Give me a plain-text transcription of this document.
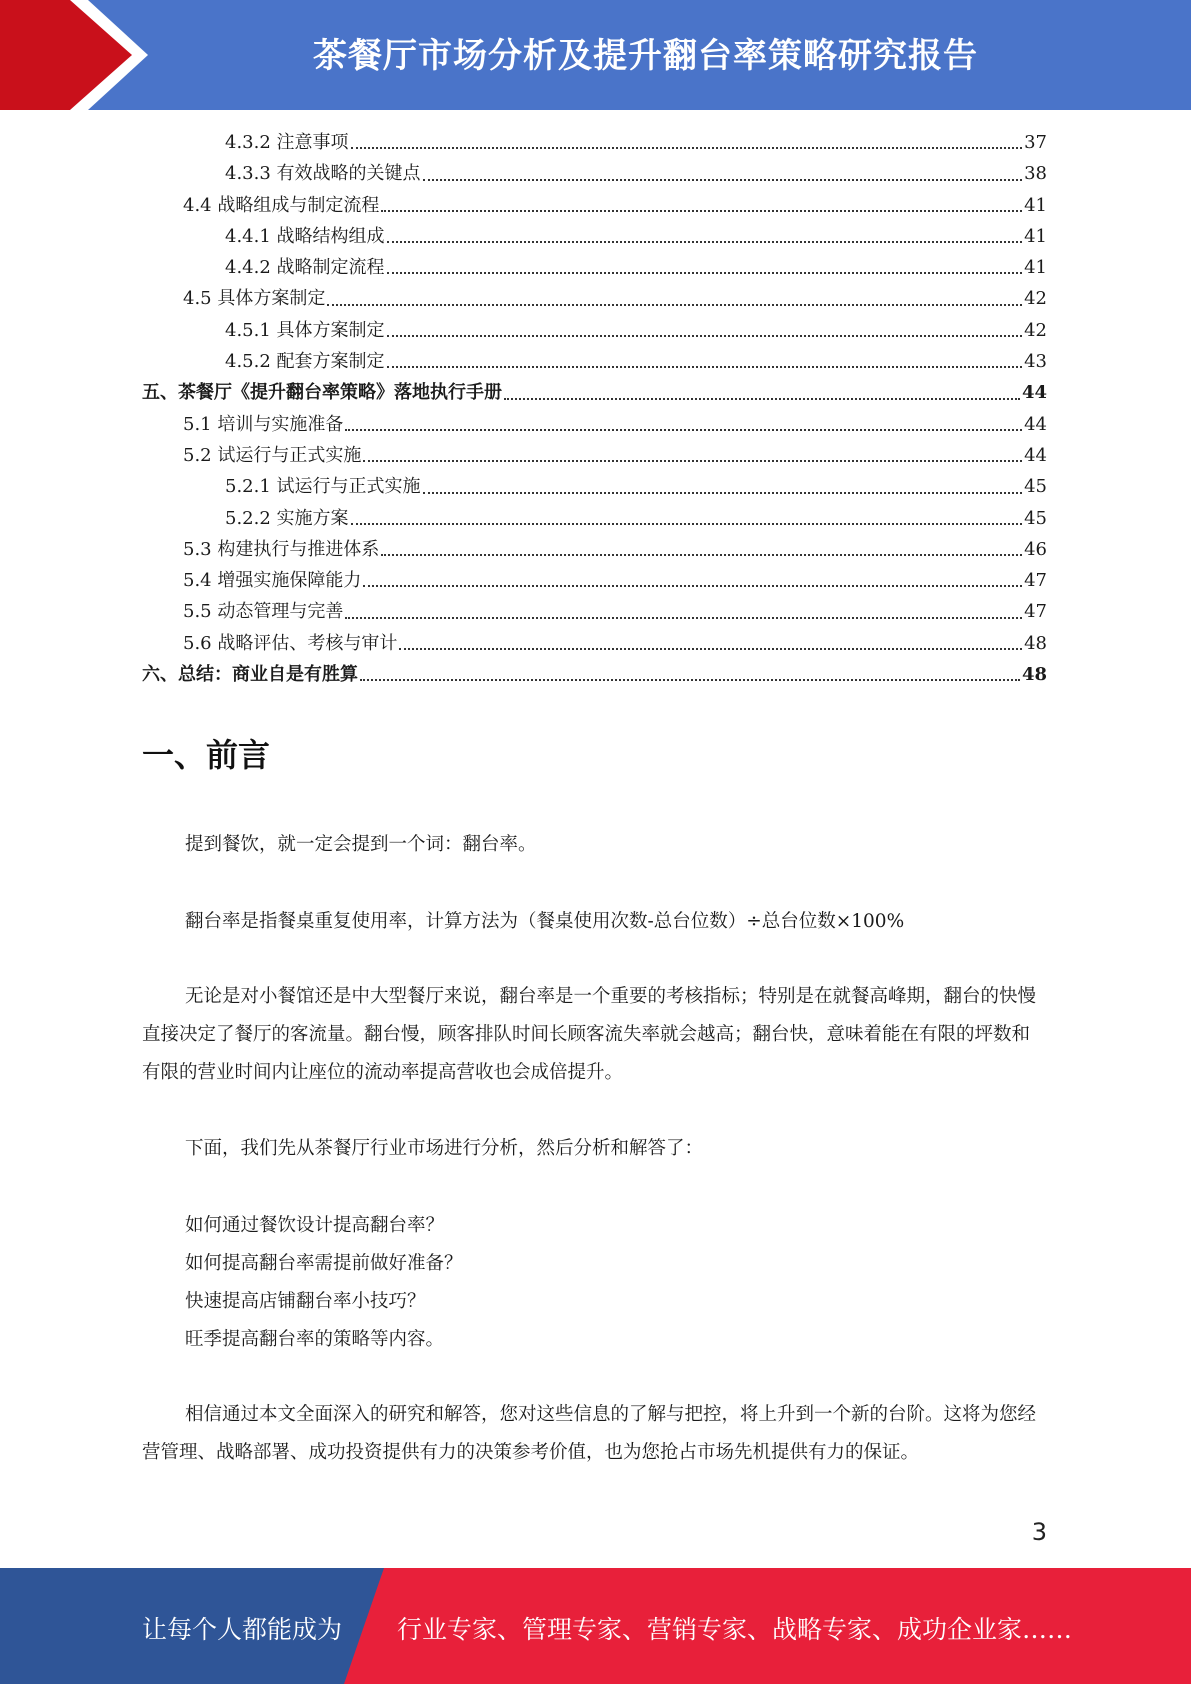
茶餐厅市场分析及提升翻台率策略研究报告
4.3.2 注意事项	37
4.3.3 有效战略的关键点	38
4.4 战略组成与制定流程	41
4.4.1 战略结构组成	41
4.4.2 战略制定流程	41
4.5 具体方案制定	42
4.5.1 具体方案制定	42
4.5.2 配套方案制定	43
五、茶餐厅《提升翻台率策略》落地执行手册	44
5.1 培训与实施准备	44
5.2 试运行与正式实施	44
5.2.1 试运行与正式实施	45
5.2.2 实施方案	45
5.3 构建执行与推进体系	46
5.4 增强实施保障能力	47
5.5 动态管理与完善	47
5.6 战略评估、考核与审计	48
六、总结：商业自是有胜算	48
一、前言

提到餐饮，就一定会提到一个词：翻台率。

翻台率是指餐桌重复使用率，计算方法为（餐桌使用次数-总台位数）÷总台位数×100%

无论是对小餐馆还是中大型餐厅来说，翻台率是一个重要的考核指标；特别是在就餐高峰期，翻台的快慢直接决定了餐厅的客流量。翻台慢，顾客排队时间长顾客流失率就会越高；翻台快，意味着能在有限的坪数和有限的营业时间内让座位的流动率提高营收也会成倍提升。

下面，我们先从茶餐厅行业市场进行分析，然后分析和解答了：

如何通过餐饮设计提高翻台率？
如何提高翻台率需提前做好准备？
快速提高店铺翻台率小技巧？
旺季提高翻台率的策略等内容。

相信通过本文全面深入的研究和解答，您对这些信息的了解与把控，将上升到一个新的台阶。这将为您经营管理、战略部署、成功投资提供有力的决策参考价值，也为您抢占市场先机提供有力的保证。

3
让每个人都能成为 行业专家、管理专家、营销专家、战略专家、成功企业家……
